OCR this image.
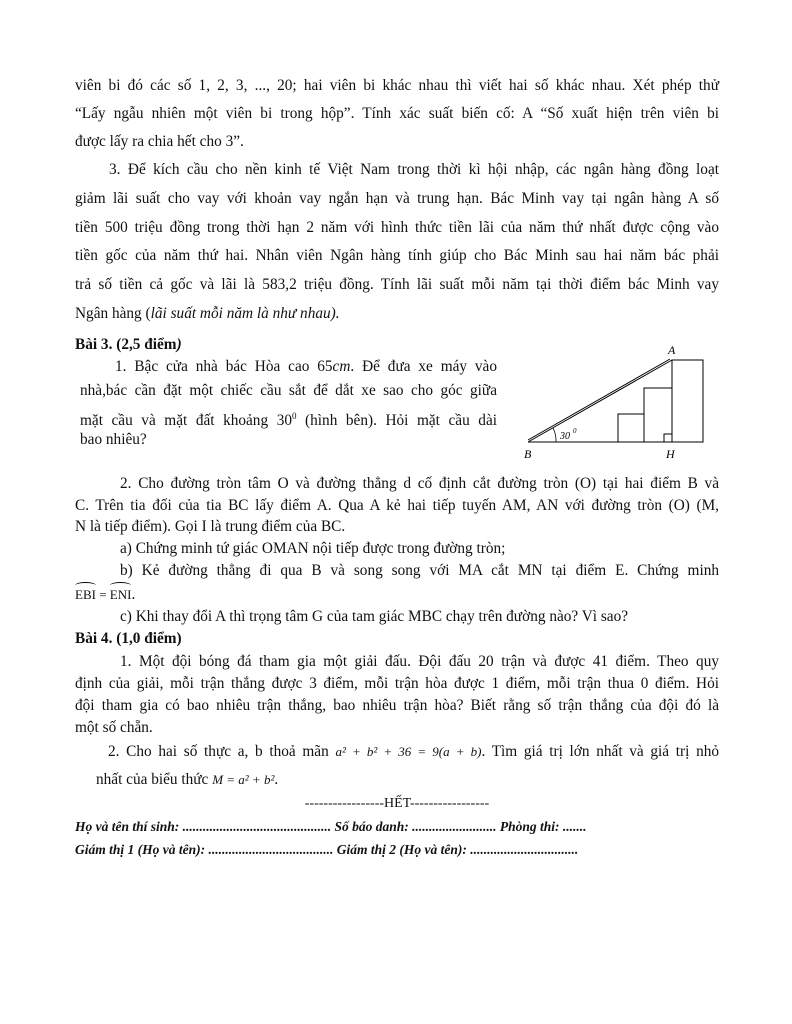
viên bi đó các số 1, 2, 3, ..., 20; hai viên bi khác nhau thì viết hai số khác nhau. Xét phép thử
“Lấy ngẫu nhiên một viên bi trong hộp”. Tính xác suất biến cố: A “Số xuất hiện trên viên bi
được lấy ra chia hết cho 3”.
3. Để kích cầu cho nền kinh tế Việt Nam trong thời kì hội nhập, các ngân hàng đồng loạt
giảm lãi suất cho vay với khoản vay ngắn hạn và trung hạn. Bác Minh vay tại ngân hàng A số
tiền 500 triệu đồng trong thời hạn 2 năm với hình thức tiền lãi của năm thứ nhất được cộng vào
tiền gốc của năm thứ hai. Nhân viên Ngân hàng tính giúp cho Bác Minh sau hai năm bác phải
trả số tiền cả gốc và lãi là 583,2 triệu đồng. Tính lãi suất mỗi năm tại thời điểm bác Minh vay
Ngân hàng (lãi suất mỗi năm là như nhau).
Bài 3. (2,5 điểm)
1. Bậc cửa nhà bác Hòa cao 65cm. Để đưa xe máy vào
nhà,bác cần đặt một chiếc cầu sắt để dắt xe sao cho góc giữa
mặt cầu và mặt đất khoảng $30^0$ (hình bên). Hỏi mặt cầu dài
bao nhiêu?
A
B	H
30 0
2. Cho đường tròn tâm O và đường thẳng d cố định cắt đường tròn (O) tại hai điểm B và
C. Trên tia đối của tia BC lấy điểm A. Qua A kẻ hai tiếp tuyến AM, AN với đường tròn (O) (M,
N là tiếp điểm). Gọi I là trung điểm của BC.
a) Chứng minh tứ giác OMAN nội tiếp được trong đường tròn;
b) Kẻ đường thẳng đi qua B và song song với MA cắt MN tại điểm E. Chứng minh
EBI =
ENI.
c) Khi thay đổi A thì trọng tâm G của tam giác MBC chạy trên đường nào? Vì sao?
Bài 4. (1,0 điểm)
1. Một đội bóng đá tham gia một giải đấu. Đội đấu 20 trận và được 41 điểm. Theo quy
định của giải, mỗi trận thắng được 3 điểm, mỗi trận hòa được 1 điểm, mỗi trận thua 0 điểm. Hỏi
đội tham gia có bao nhiêu trận thắng, bao nhiêu trận hòa? Biết rằng số trận thắng của đội đó là
một số chẵn.
2. Cho hai số thực a, b thoả mãn a² + b² + 36 = 9(a + b). Tìm giá trị lớn nhất và giá trị nhỏ
nhất của biểu thức M = a² + b².
-----------------HẾT-----------------
Họ và tên thí sinh: ............................................ Số báo danh: ......................... Phòng thi: .......
Giám thị 1 (Họ và tên): ..................................... Giám thị 2 (Họ và tên): ................................
